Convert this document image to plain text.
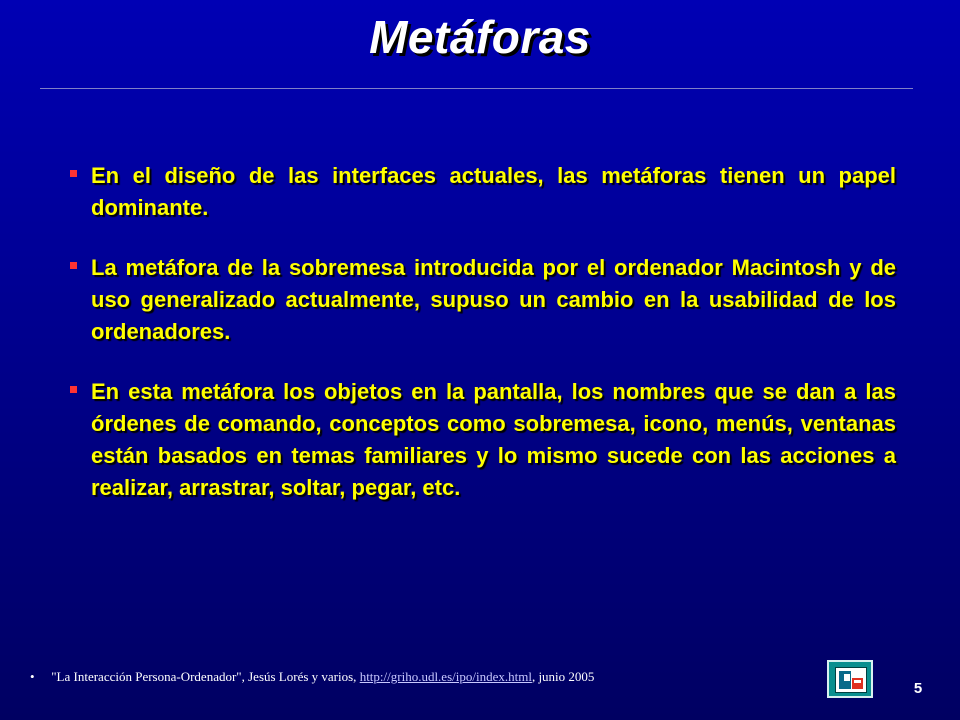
Metáforas
En el diseño de las interfaces actuales, las metáforas tienen un papel dominante.
La metáfora de la sobremesa introducida por el ordenador Macintosh y de uso generalizado actualmente, supuso un cambio en la usabilidad de los ordenadores.
En esta metáfora los objetos en la pantalla, los nombres que se dan a las órdenes de comando, conceptos como sobremesa, icono, menús, ventanas están basados en temas familiares y lo mismo sucede con las acciones a realizar, arrastrar, soltar, pegar, etc.
• "La Interacción Persona-Ordenador", Jesús Lorés y varios, http://griho.udl.es/ipo/index.html, junio 2005
5
